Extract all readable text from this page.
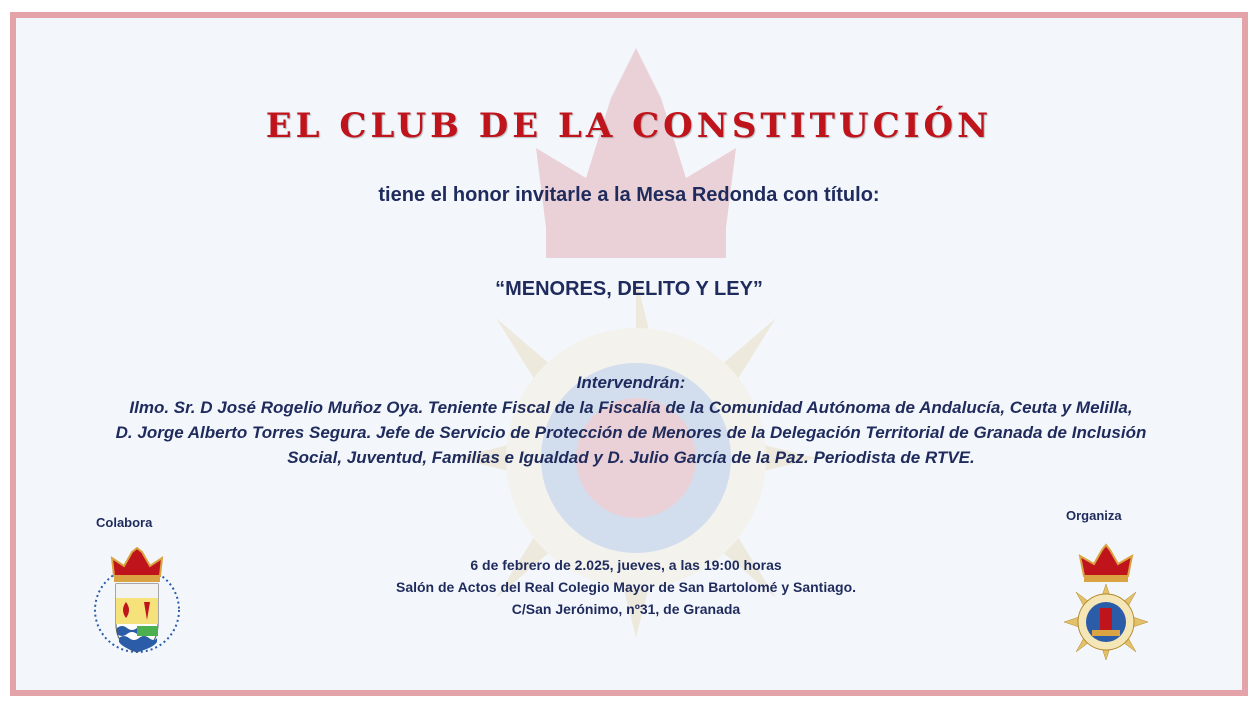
EL CLUB DE LA CONSTITUCIÓN
tiene el honor invitarle a la Mesa Redonda con título:
“MENORES, DELITO Y LEY”
Intervendrán:
Ilmo. Sr. D José Rogelio Muñoz Oya. Teniente Fiscal de la Fiscalía de la Comunidad Autónoma de Andalucía, Ceuta y Melilla,
D. Jorge Alberto Torres Segura. Jefe de Servicio de Protección de Menores de la Delegación Territorial de Granada de Inclusión
Social, Juventud, Familias e Igualdad y D. Julio García de la Paz. Periodista de RTVE.
Colabora	Organiza
6 de febrero de 2.025, jueves, a las 19:00 horas
Salón de Actos del Real Colegio Mayor de San Bartolomé y Santiago.
C/San Jerónimo, nº31, de Granada
